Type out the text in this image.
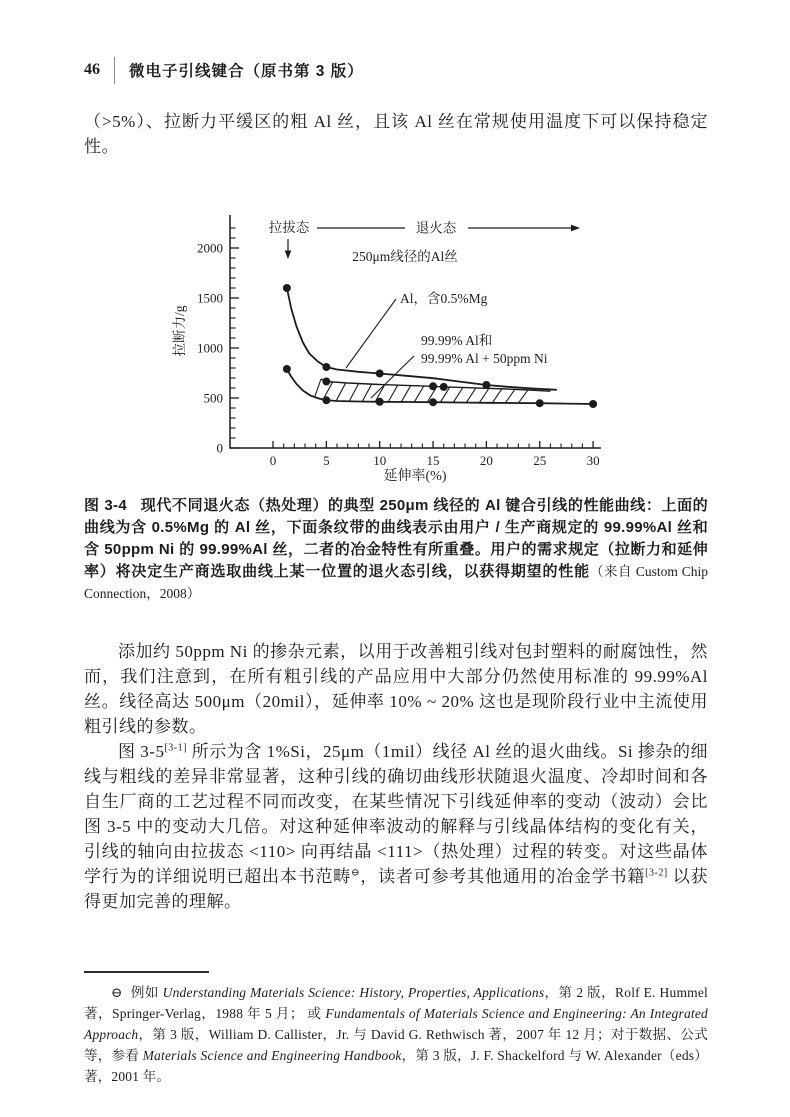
46 微电子引线键合（原书第 3 版）

（>5%）、拉断力平缓区的粗 Al 丝，且该 Al 丝在常规使用温度下可以保持稳定性。

0
500
1000
1500
2000
0	5	10	15	20	25	30
拉断力/g
延伸率(%)
拉拔态	退火态
250μm线径的Al丝
Al，含0.5%Mg
99.99% Al和
99.99% Al + 50ppm Ni
图 3-4 现代不同退火态（热处理）的典型 250μm 线径的 Al 键合引线的性能曲线：上面的曲线为含 0.5%Mg 的 Al 丝，下面条纹带的曲线表示由用户 / 生产商规定的 99.99%Al 丝和含 50ppm Ni 的 99.99%Al 丝，二者的冶金特性有所重叠。用户的需求规定（拉断力和延伸率）将决定生产商选取曲线上某一位置的退火态引线，以获得期望的性能（来自 Custom Chip Connection，2008）

添加约 50ppm Ni 的掺杂元素，以用于改善粗引线对包封塑料的耐腐蚀性，然而，我们注意到，在所有粗引线的产品应用中大部分仍然使用标准的 99.99%Al 丝。线径高达 500μm（20mil），延伸率 10% ~ 20% 这也是现阶段行业中主流使用粗引线的参数。

图 3-5[3-1] 所示为含 1%Si，25μm（1mil）线径 Al 丝的退火曲线。Si 掺杂的细线与粗线的差异非常显著，这种引线的确切曲线形状随退火温度、冷却时间和各自生厂商的工艺过程不同而改变，在某些情况下引线延伸率的变动（波动）会比图 3-5 中的变动大几倍。对这种延伸率波动的解释与引线晶体结构的变化有关，引线的轴向由拉拔态 <110> 向再结晶 <111>（热处理）过程的转变。对这些晶体学行为的详细说明已超出本书范畴⊖，读者可参考其他通用的冶金学书籍[3-2] 以获得更加完善的理解。

⊖ 例如 Understanding Materials Science: History, Properties, Applications，第 2 版，Rolf E. Hummel 著，Springer-Verlag，1988 年 5 月； 或 Fundamentals of Materials Science and Engineering: An Integrated Approach，第 3 版，William D. Callister，Jr. 与 David G. Rethwisch 著，2007 年 12 月；对于数据、公式等，参看 Materials Science and Engineering Handbook，第 3 版，J. F. Shackelford 与 W. Alexander（eds）著，2001 年。
